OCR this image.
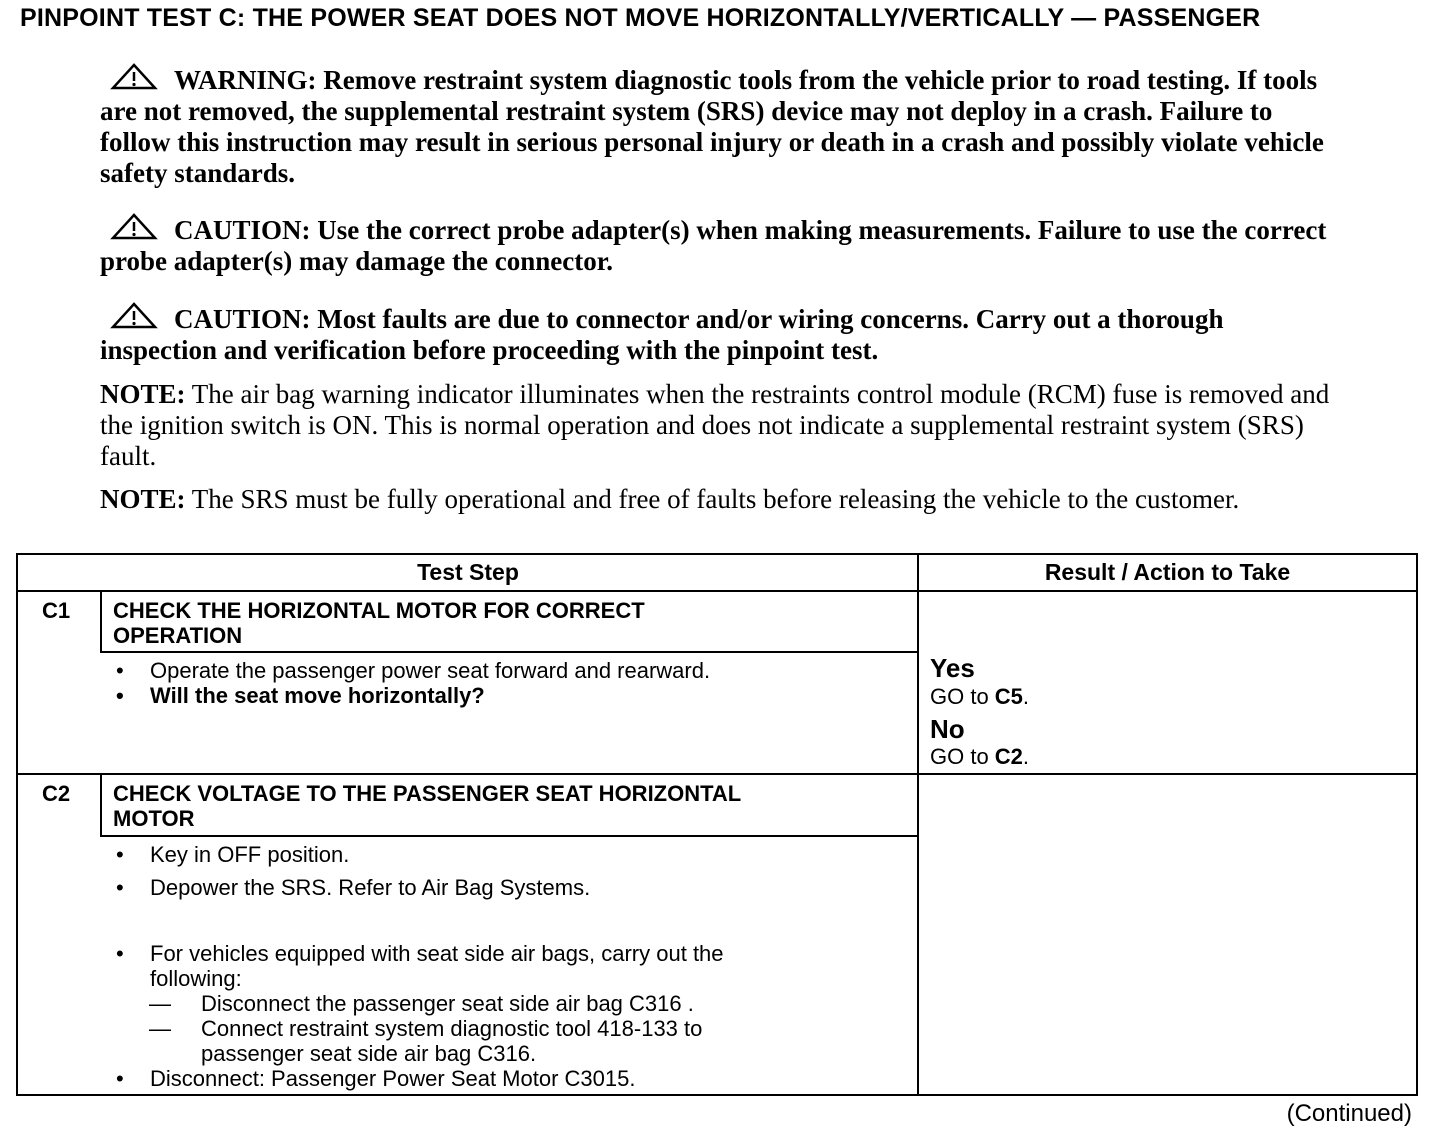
PINPOINT TEST C: THE POWER SEAT DOES NOT MOVE HORIZONTALLY/VERTICALLY — PASSENGER
WARNING: Remove restraint system diagnostic tools from the vehicle prior to road testing. If tools are not removed, the supplemental restraint system (SRS) device may not deploy in a crash. Failure to follow this instruction may result in serious personal injury or death in a crash and possibly violate vehicle safety standards.
CAUTION: Use the correct probe adapter(s) when making measurements. Failure to use the correct probe adapter(s) may damage the connector.
CAUTION: Most faults are due to connector and/or wiring concerns. Carry out a thorough inspection and verification before proceeding with the pinpoint test.
NOTE: The air bag warning indicator illuminates when the restraints control module (RCM) fuse is removed and the ignition switch is ON. This is normal operation and does not indicate a supplemental restraint system (SRS) fault.
NOTE: The SRS must be fully operational and free of faults before releasing the vehicle to the customer.
Test Step	Result / Action to Take
C1 CHECK THE HORIZONTAL MOTOR FOR CORRECT
OPERATION
• Operate the passenger power seat forward and rearward.
• Will the seat move horizontally?
Yes
GO to C5.
No
GO to C2.
C2 CHECK VOLTAGE TO THE PASSENGER SEAT HORIZONTAL
MOTOR
• Key in OFF position.
• Depower the SRS. Refer to Air Bag Systems.
• For vehicles equipped with seat side air bags, carry out the
following:
— Disconnect the passenger seat side air bag C316 .
— Connect restraint system diagnostic tool 418-133 to
passenger seat side air bag C316.
• Disconnect: Passenger Power Seat Motor C3015.
(Continued)
